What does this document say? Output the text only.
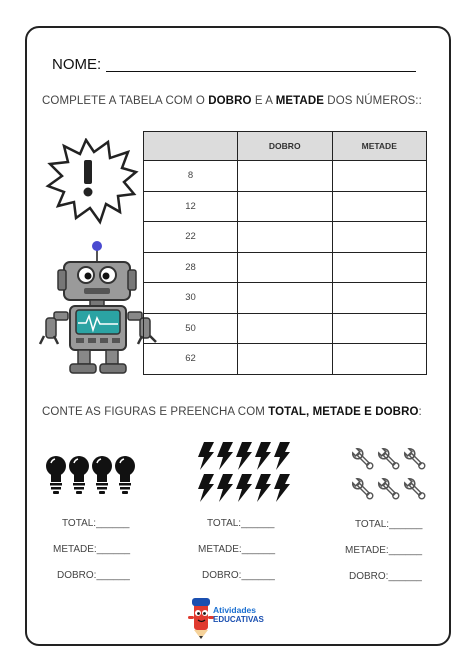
NOME:
COMPLETE A TABELA COM O DOBRO E A METADE DOS NÚMEROS::
	DOBRO	METADE
8		
12		
22		
28		
30		
50		
62		
CONTE AS FIGURAS E PREENCHA COM TOTAL, METADE E DOBRO:
TOTAL:______
METADE:______
DOBRO:______
TOTAL:______
METADE:______
DOBRO:______
TOTAL:______
METADE:______
DOBRO:______
Atividades
EDUCATIVAS
